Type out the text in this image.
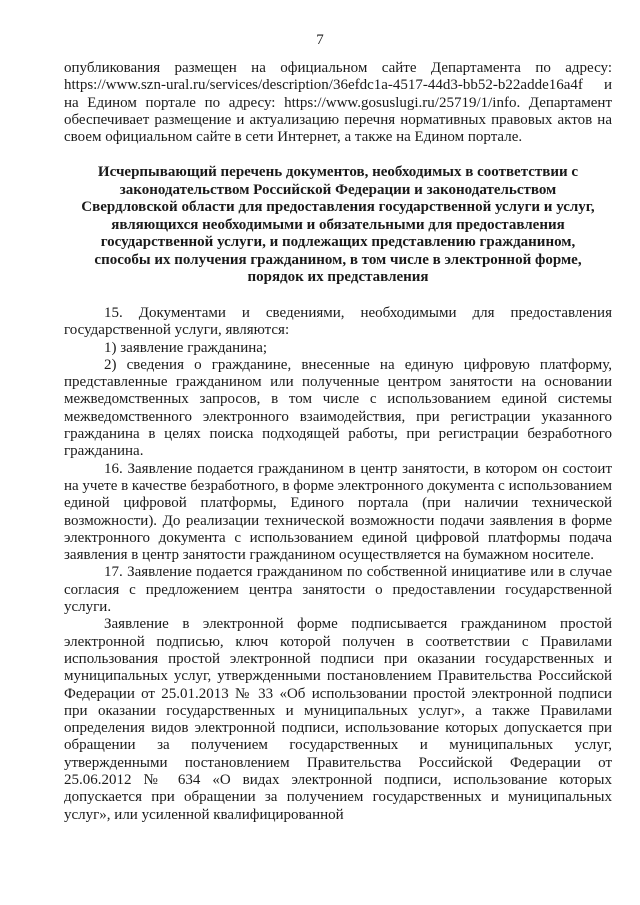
7

опубликования размещен на официальном сайте Департамента по адресу: https://www.szn-ural.ru/services/description/36efdc1a-4517-44d3-bb52-b22adde16a4f и на Едином портале по адресу: https://www.gosuslugi.ru/25719/1/info. Департамент обеспечивает размещение и актуализацию перечня нормативных правовых актов на своем официальном сайте в сети Интернет, а также на Едином портале.

Исчерпывающий перечень документов, необходимых в соответствии с законодательством Российской Федерации и законодательством Свердловской области для предоставления государственной услуги и услуг, являющихся необходимыми и обязательными для предоставления государственной услуги, и подлежащих представлению гражданином, способы их получения гражданином, в том числе в электронной форме, порядок их представления

15. Документами и сведениями, необходимыми для предоставления государственной услуги, являются:

1) заявление гражданина;

2) сведения о гражданине, внесенные на единую цифровую платформу, представленные гражданином или полученные центром занятости на основании межведомственных запросов, в том числе с использованием единой системы межведомственного электронного взаимодействия, при регистрации указанного гражданина в целях поиска подходящей работы, при регистрации безработного гражданина.

16. Заявление подается гражданином в центр занятости, в котором он состоит на учете в качестве безработного, в форме электронного документа с использованием единой цифровой платформы, Единого портала (при наличии технической возможности). До реализации технической возможности подачи заявления в форме электронного документа с использованием единой цифровой платформы подача заявления в центр занятости гражданином осуществляется на бумажном носителе.

17. Заявление подается гражданином по собственной инициативе или в случае согласия с предложением центра занятости о предоставлении государственной услуги.

Заявление в электронной форме подписывается гражданином простой электронной подписью, ключ которой получен в соответствии с Правилами использования простой электронной подписи при оказании государственных и муниципальных услуг, утвержденными постановлением Правительства Российской Федерации от 25.01.2013 № 33 «Об использовании простой электронной подписи при оказании государственных и муниципальных услуг», а также Правилами определения видов электронной подписи, использование которых допускается при обращении за получением государственных и муниципальных услуг, утвержденными постановлением Правительства Российской Федерации от 25.06.2012 № 634 «О видах электронной подписи, использование которых допускается при обращении за получением государственных и муниципальных услуг», или усиленной квалифицированной
